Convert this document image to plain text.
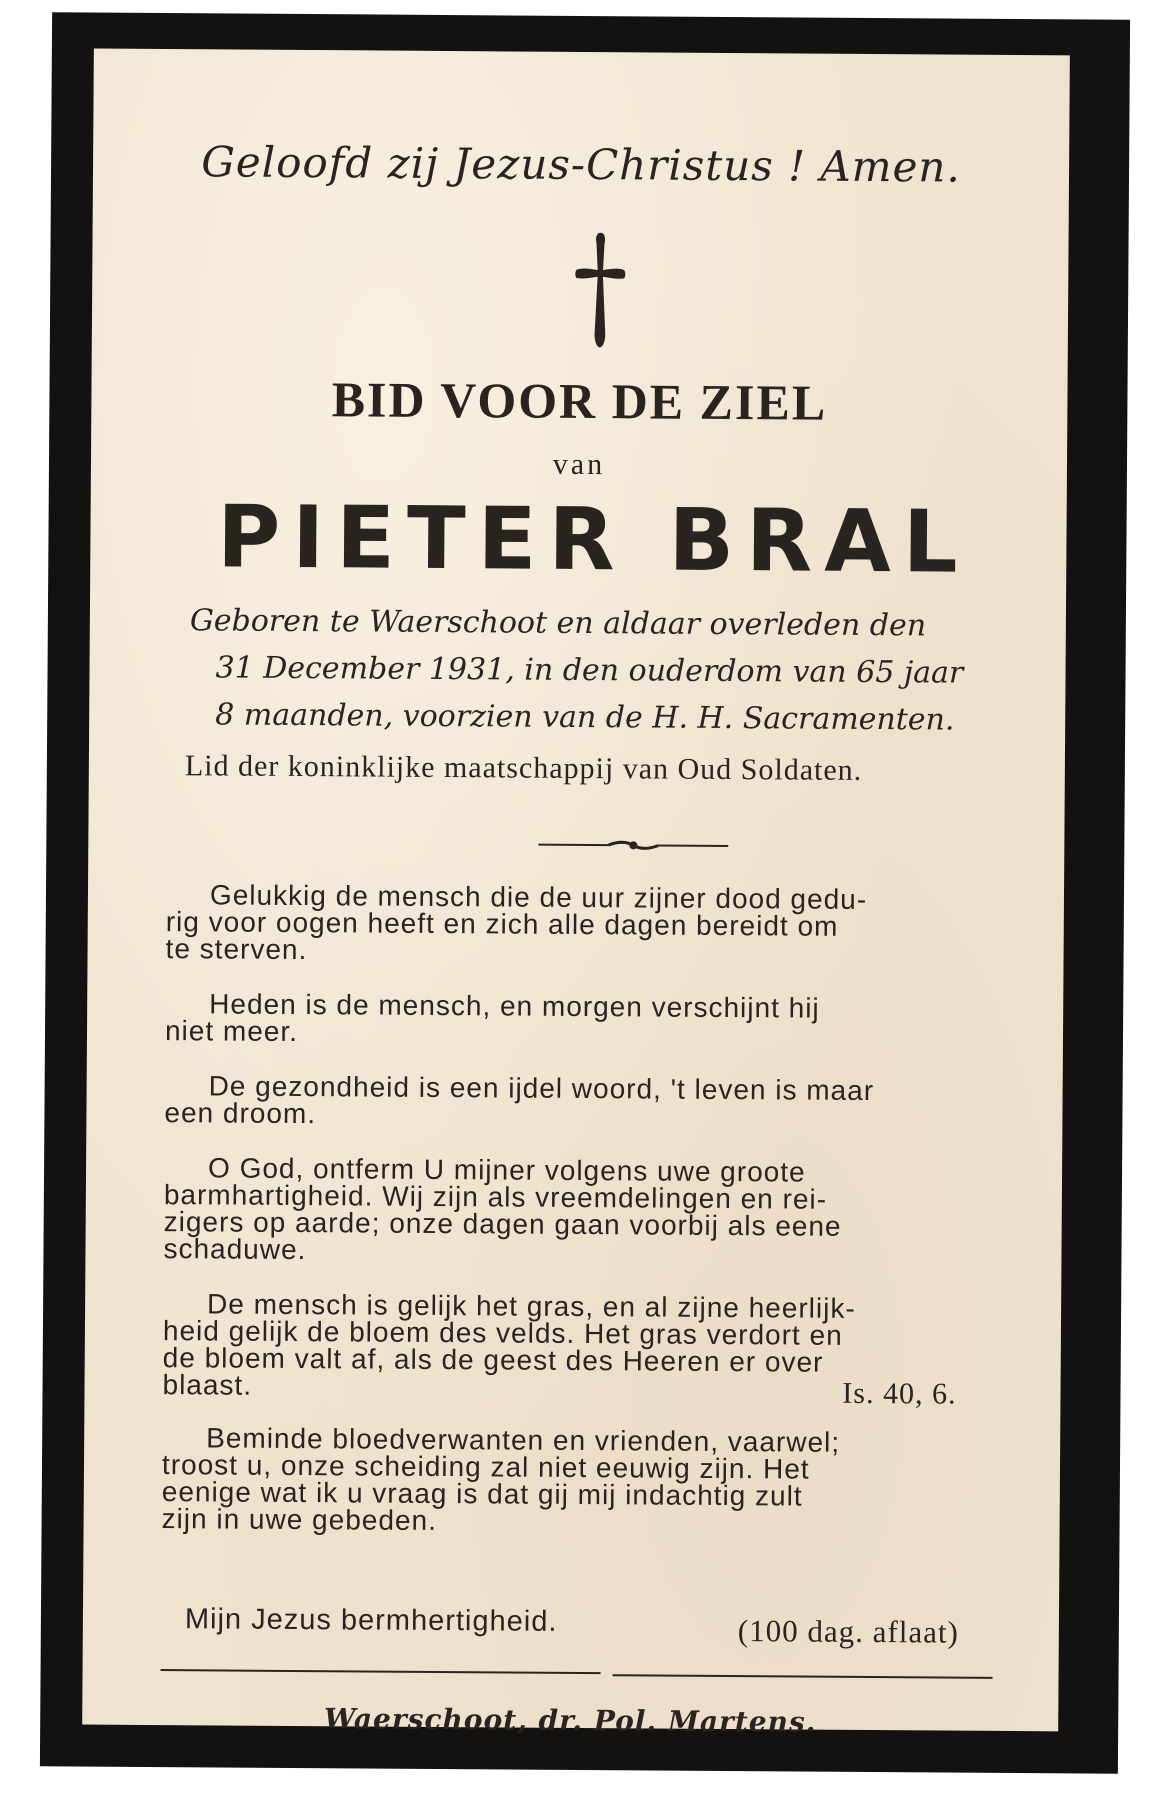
Geloofd zij Jezus-Christus ! Amen.
BID VOOR DE ZIEL
van
PIETER BRAL
Geboren te Waerschoot en aldaar overleden den
31 December 1931, in den ouderdom van 65 jaar
8 maanden, voorzien van de H. H. Sacramenten.
Lid der koninklijke maatschappij van Oud Soldaten.
Gelukkig de mensch die de uur zijner dood gedu-
rig voor oogen heeft en zich alle dagen bereidt om
te sterven.
Heden is de mensch, en morgen verschijnt hij
niet meer.
De gezondheid is een ijdel woord, 't leven is maar
een droom.
O God, ontferm U mijner volgens uwe groote
barmhartigheid. Wij zijn als vreemdelingen en rei-
zigers op aarde; onze dagen gaan voorbij als eene
schaduwe.
De mensch is gelijk het gras, en al zijne heerlijk-
heid gelijk de bloem des velds. Het gras verdort en
de bloem valt af, als de geest des Heeren er over
blaast.	Is. 40, 6.
Beminde bloedverwanten en vrienden, vaarwel;
troost u, onze scheiding zal niet eeuwig zijn. Het
eenige wat ik u vraag is dat gij mij indachtig zult
zijn in uwe gebeden.
Mijn Jezus bermhertigheid.	(100 dag. aflaat)
Waerschoot, dr. Pol. Martens.
